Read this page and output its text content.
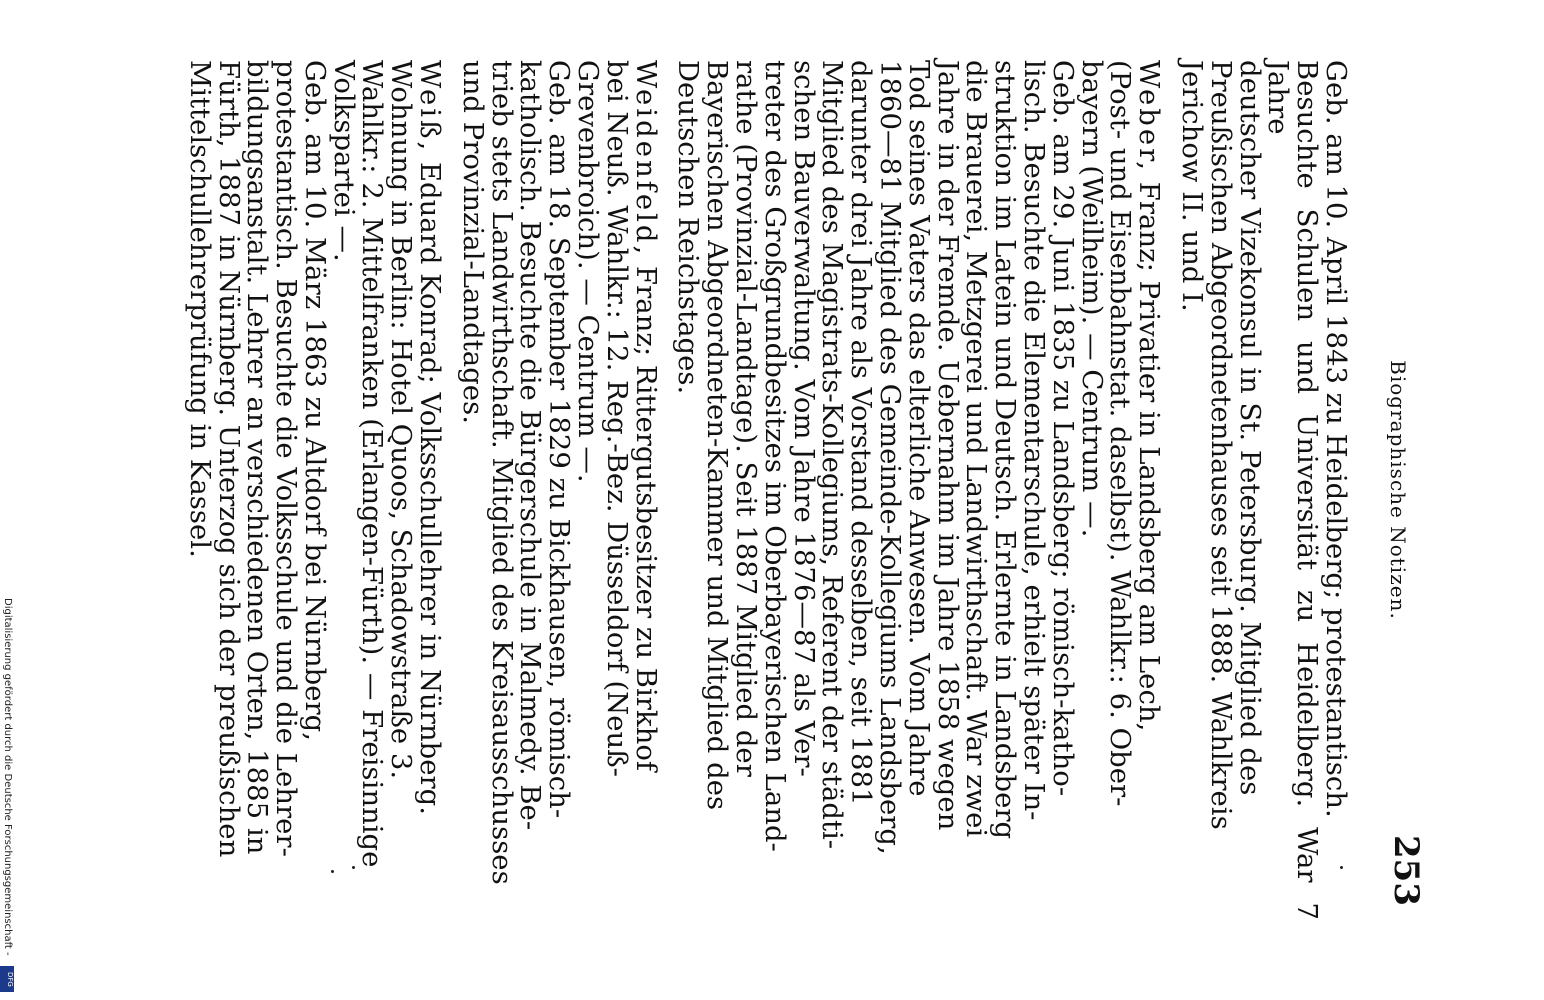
Biographische Notizen.
253

Geb. am 10. April 1843 zu Heidelberg; protestantisch.

Besuchte Schulen und Universität zu Heidelberg. War 7 Jahre

deutscher Vizekonsul in St. Petersburg. Mitglied des

Preußischen Abgeordnetenhauses seit 1888. Wahlkreis

Jerichow II. und I.

Weber, Franz; Privatier in Landsberg am Lech,

(Post- und Eisenbahnstat. daselbst). Wahlkr.: 6. Ober-

bayern (Weilheim). — Centrum —.

Geb. am 29. Juni 1835 zu Landsberg; römisch-katho-

lisch. Besuchte die Elementarschule, erhielt später In-

struktion im Latein und Deutsch. Erlernte in Landsberg

die Brauerei, Metzgerei und Landwirthschaft. War zwei

Jahre in der Fremde. Uebernahm im Jahre 1858 wegen

Tod seines Vaters das elterliche Anwesen. Vom Jahre

1860—81 Mitglied des Gemeinde-Kollegiums Landsberg,

darunter drei Jahre als Vorstand desselben, seit 1881

Mitglied des Magistrats-Kollegiums, Referent der städti-

schen Bauverwaltung. Vom Jahre 1876—87 als Ver-

treter des Großgrundbesitzes im Oberbayerischen Land-

rathe (Provinzial-Landtage). Seit 1887 Mitglied der

Bayerischen Abgeordneten-Kammer und Mitglied des

Deutschen Reichstages.

Weidenfeld, Franz; Rittergutsbesitzer zu Birkhof

bei Neuß. Wahlkr.: 12. Reg.-Bez. Düsseldorf (Neuß-

Grevenbroich). — Centrum —.

Geb. am 18. September 1829 zu Bickhausen, römisch-

katholisch. Besuchte die Bürgerschule in Malmedy. Be-

trieb stets Landwirthschaft. Mitglied des Kreisausschusses

und Provinzial-Landtages.

Weiß, Eduard Konrad; Volksschullehrer in Nürnberg.

Wohnung in Berlin: Hotel Quoos, Schadowstraße 3.

Wahlkr.: 2. Mittelfranken (Erlangen-Fürth). — Freisinnige

Volkspartei —.

Geb. am 10. März 1863 zu Altdorf bei Nürnberg,

protestantisch. Besuchte die Volksschule und die Lehrer-

bildungsanstalt. Lehrer an verschiedenen Orten, 1885 in

Fürth, 1887 in Nürnberg. Unterzog sich der preußischen

Mittelschullehrerprüfung in Kassel.

Digitalisierung gefördert durch die Deutsche Forschungsgemeinschaft -
DFG
